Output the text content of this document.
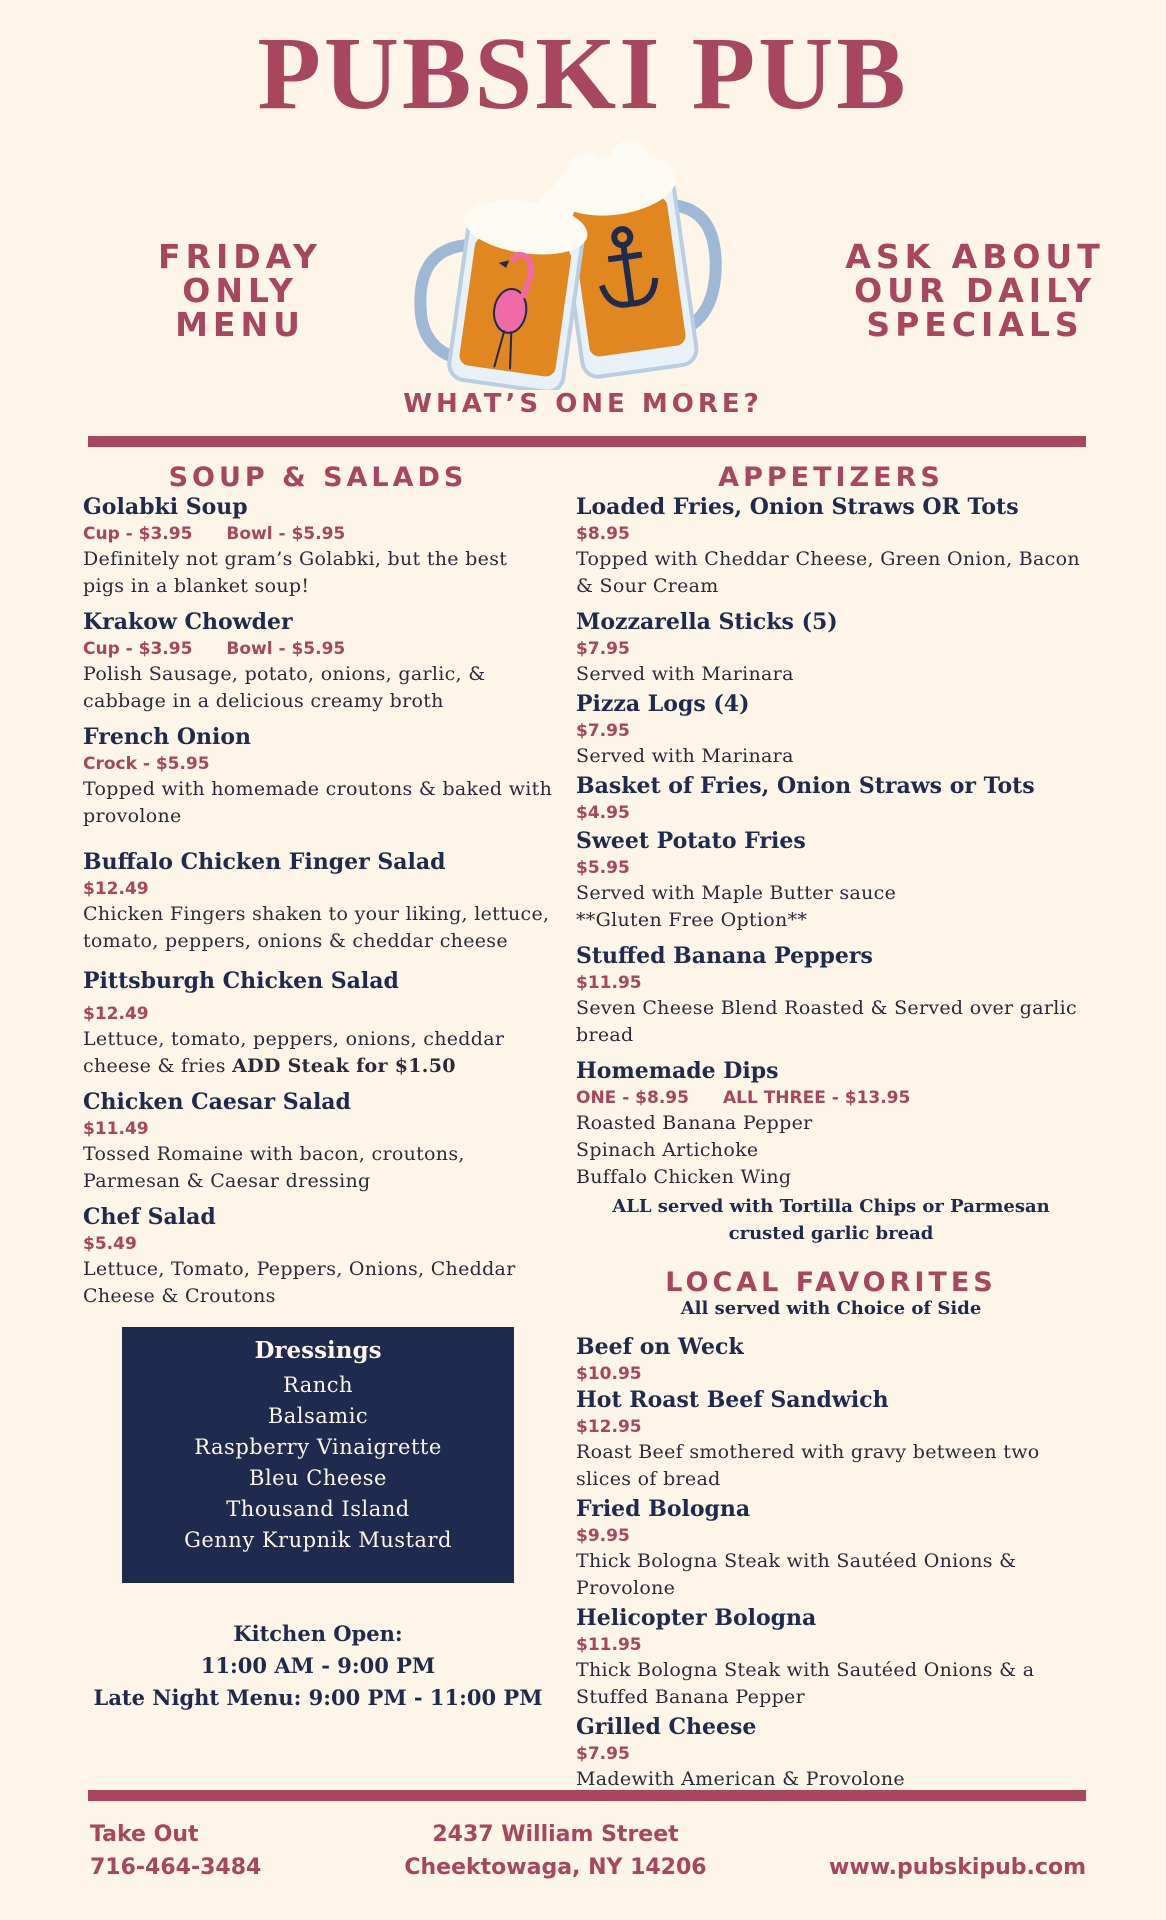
PUBSKI PUB
FRIDAY
ONLY
MENU
ASK ABOUT
OUR DAILY
SPECIALS
WHAT’S ONE MORE?
SOUP & SALADS
Golabki Soup
Cup - $3.95 Bowl - $5.95
Definitely not gram’s Golabki, but the best pigs in a blanket soup!
Krakow Chowder
Cup - $3.95 Bowl - $5.95
Polish Sausage, potato, onions, garlic, & cabbage in a delicious creamy broth
French Onion
Crock - $5.95
Topped with homemade croutons & baked with provolone
Buffalo Chicken Finger Salad
$12.49
Chicken Fingers shaken to your liking, lettuce, tomato, peppers, onions & cheddar cheese
Pittsburgh Chicken Salad
$12.49
Lettuce, tomato, peppers, onions, cheddar cheese & fries ADD Steak for $1.50
Chicken Caesar Salad
$11.49
Tossed Romaine with bacon, croutons, Parmesan & Caesar dressing
Chef Salad
$5.49
Lettuce, Tomato, Peppers, Onions, Cheddar Cheese & Croutons
Dressings
Ranch
Balsamic
Raspberry Vinaigrette
Bleu Cheese
Thousand Island
Genny Krupnik Mustard
Kitchen Open:
11:00 AM - 9:00 PM
Late Night Menu: 9:00 PM - 11:00 PM
APPETIZERS
Loaded Fries, Onion Straws OR Tots
$8.95
Topped with Cheddar Cheese, Green Onion, Bacon & Sour Cream
Mozzarella Sticks (5)
$7.95
Served with Marinara
Pizza Logs (4)
$7.95
Served with Marinara
Basket of Fries, Onion Straws or Tots
$4.95
Sweet Potato Fries
$5.95
Served with Maple Butter sauce
**Gluten Free Option**
Stuffed Banana Peppers
$11.95
Seven Cheese Blend Roasted & Served over garlic bread
Homemade Dips
ONE - $8.95 ALL THREE - $13.95
Roasted Banana Pepper
Spinach Artichoke
Buffalo Chicken Wing
ALL served with Tortilla Chips or Parmesan crusted garlic bread
LOCAL FAVORITES
All served with Choice of Side
Beef on Weck
$10.95
Hot Roast Beef Sandwich
$12.95
Roast Beef smothered with gravy between two slices of bread
Fried Bologna
$9.95
Thick Bologna Steak with Sautéed Onions & Provolone
Helicopter Bologna
$11.95
Thick Bologna Steak with Sautéed Onions & a Stuffed Banana Pepper
Grilled Cheese
$7.95
Madewith American & Provolone
Take Out
716-464-3484
2437 William Street
Cheektowaga, NY 14206	www.pubskipub.com
